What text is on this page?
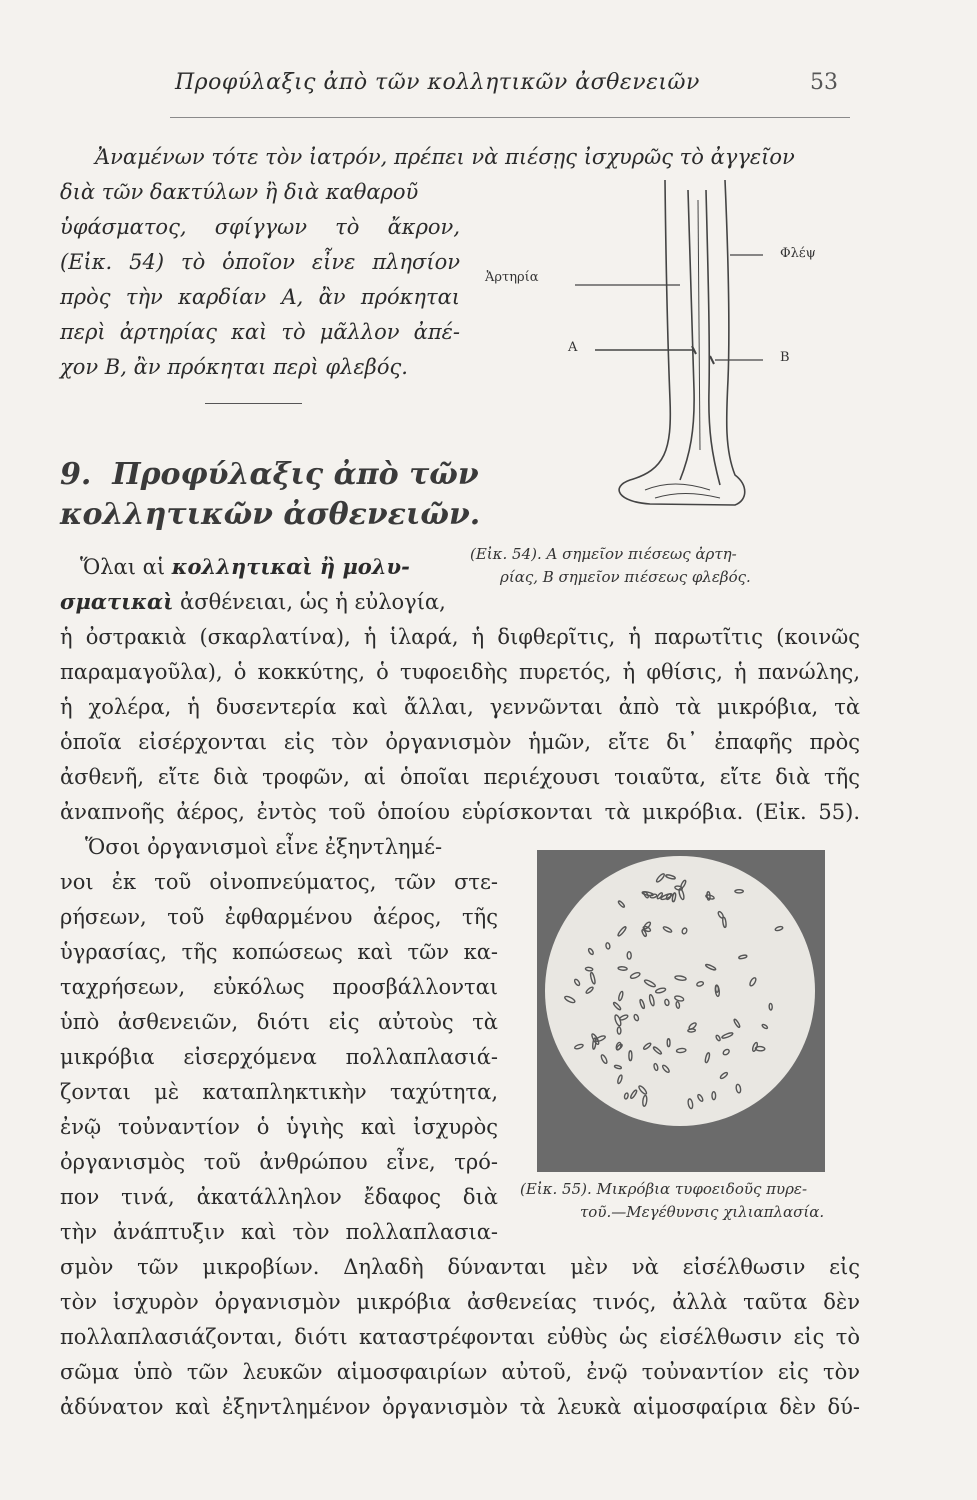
Προφύλαξις ἀπὸ τῶν κολλητικῶν ἀσθενειῶν	53
Ἀναμένων τότε τὸν ἰατρόν, πρέπει νὰ πιέσῃς ἰσχυρῶς τὸ ἀγγεῖον
διὰ τῶν δακτύλων ἢ διὰ καθαροῦ
ὑφάσματος, σφίγγων τὸ ἄκρον,
(Εἰκ. 54) τὸ ὁποῖον εἶνε πλησίον
πρὸς τὴν καρδίαν Α, ἂν πρόκηται
περὶ ἀρτηρίας καὶ τὸ μᾶλλον ἀπέ-
χον Β, ἂν πρόκηται περὶ φλεβός.
Ἀρτηρία
Φλέψ
Α
Β
9. Προφύλαξις ἀπὸ τῶν
κολλητικῶν ἀσθενειῶν.
(Εἰκ. 54). Α σημεῖον πιέσεως ἀρτη-
ρίας, Β σημεῖον πιέσεως φλεβός.
Ὅλαι αἱ κολλητικαὶ ἢ μολυ-
σματικαὶ ἀσθένειαι, ὡς ἡ εὐλογία,
ἡ ὀστρακιὰ (σκαρλατίνα), ἡ ἱλαρά, ἡ διφθερῖτις, ἡ παρωτῖτις (κοινῶς
παραμαγοῦλα), ὁ κοκκύτης, ὁ τυφοειδὴς πυρετός, ἡ φθίσις, ἡ πανώλης,
ἡ χολέρα, ἡ δυσεντερία καὶ ἄλλαι, γεννῶνται ἀπὸ τὰ μικρόβια, τὰ
ὁποῖα εἰσέρχονται εἰς τὸν ὀργανισμὸν ἡμῶν, εἴτε δι᾽ ἐπαφῆς πρὸς
ἀσθενῆ, εἴτε διὰ τροφῶν, αἱ ὁποῖαι περιέχουσι τοιαῦτα, εἴτε διὰ τῆς
ἀναπνοῆς ἀέρος, ἐντὸς τοῦ ὁποίου εὑρίσκονται τὰ μικρόβια. (Εἰκ. 55).
Ὅσοι ὀργανισμοὶ εἶνε ἐξηντλημέ-
νοι ἐκ τοῦ οἰνοπνεύματος, τῶν στε-
ρήσεων, τοῦ ἐφθαρμένου ἀέρος, τῆς
ὑγρασίας, τῆς κοπώσεως καὶ τῶν κα-
ταχρήσεων, εὐκόλως προσβάλλονται
ὑπὸ ἀσθενειῶν, διότι εἰς αὐτοὺς τὰ
μικρόβια εἰσερχόμενα πολλαπλασιά-
ζονται μὲ καταπληκτικὴν ταχύτητα,
ἐνῷ τοὐναντίον ὁ ὑγιὴς καὶ ἰσχυρὸς
ὀργανισμὸς τοῦ ἀνθρώπου εἶνε, τρό-
πον τινά, ἀκατάλληλον ἔδαφος διὰ
τὴν ἀνάπτυξιν καὶ τὸν πολλαπλασια-
(Εἰκ. 55). Μικρόβια τυφοειδοῦς πυρε-
τοῦ.—Μεγέθυνσις χιλιαπλασία.
σμὸν τῶν μικροβίων. Δηλαδὴ δύνανται μὲν νὰ εἰσέλθωσιν εἰς
τὸν ἰσχυρὸν ὀργανισμὸν μικρόβια ἀσθενείας τινός, ἀλλὰ ταῦτα δὲν
πολλαπλασιάζονται, διότι καταστρέφονται εὐθὺς ὡς εἰσέλθωσιν εἰς τὸ
σῶμα ὑπὸ τῶν λευκῶν αἱμοσφαιρίων αὐτοῦ, ἐνῷ τοὐναντίον εἰς τὸν
ἀδύνατον καὶ ἐξηντλημένον ὀργανισμὸν τὰ λευκὰ αἱμοσφαίρια δὲν δύ-
